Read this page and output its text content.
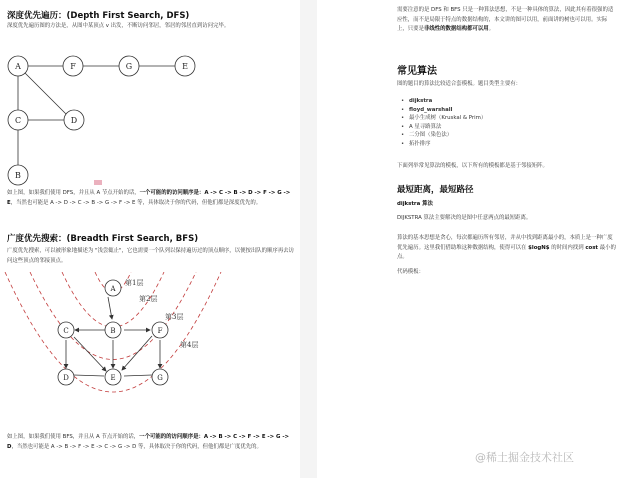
深度优先遍历：(Depth First Search, DFS)
深度优先遍历图的方法是，从图中某顶点 v 出发，不断访问邻居，邻居的邻居直到访问完毕。
A	F	G	E
C	D
B
如上图，如果我们使用 DFS，并且从 A 节点开始的话，一个可能的的访问顺序是：A -> C -> B -> D -> F -> G -> E，当然也可能是 A -> D -> C -> B -> G -> F -> E 等，具体取决于你的代码，但他们都是深度优先的。
广度优先搜索：(Breadth First Search, BFS)
广度优先搜索，可以被形象地描述为 "浅尝辄止"，它也需要一个队列以保持遍历过的顶点顺序，以便按出队的顺序再去访问这些顶点的邻接顶点。
A
B
C	F
D	E	G
第1层
第2层
第3层
第4层
如上图，如果我们使用 BFS，并且从 A 节点开始的话，一个可能的的访问顺序是：A -> B -> C -> F -> E -> G -> D，当然也可能是 A -> B -> F -> E -> C -> G -> D 等，具体取决于你的代码，但他们都是广度优先的。
需要注意的是 DFS 和 BFS 只是一种算法思想，不是一种具体的算法，因此其有着很强的适应性，而不是局限于特点的数据结构的，本文讲的图可以用，前面讲的树也可以用。实际上，只要是非线性的数据结构都可以用。
常见算法
图的题目的算法比较适合套模板。题目类型主要有：
• dijkstra
• floyd_warshall
• 最小生成树（Kruskal & Prim）
• A 星寻路算法
• 二分图（染色法）
• 拓扑排序
下面列举常见算法的模板，以下所有的模板都是基于邻接矩阵。
最短距离，最短路径
dijkstra 算法
DIJKSTRA 算法主要解决的是图中任意两点的最短距离。
算法的基本思想是贪心，每次都遍历所有邻居，并从中找到距离最小的，本质上是一种广度优先遍历。这里我们借助堆这种数据结构，使得可以在 $logN$ 的时间内找到 cost 最小的点。
代码模板：
@稀土掘金技术社区
